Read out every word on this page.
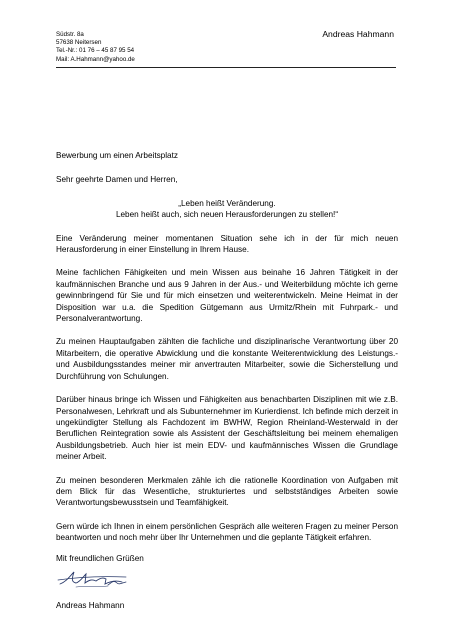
Südstr. 8a
57638 Neitersen
Tel.-Nr.: 01 76 – 45 87 95 54
Mail: A.Hahmann@yahoo.de
Andreas Hahmann

Bewerbung um einen Arbeitsplatz

Sehr geehrte Damen und Herren,

„Leben heißt Veränderung.
Leben heißt auch, sich neuen Herausforderungen zu stellen!“

Eine Veränderung meiner momentanen Situation sehe ich in der für mich neuen Herausforderung in einer Einstellung in Ihrem Hause.

Meine fachlichen Fähigkeiten und mein Wissen aus beinahe 16 Jahren Tätigkeit in der kaufmännischen Branche und aus 9 Jahren in der Aus.- und Weiterbildung möchte ich gerne gewinnbringend für Sie und für mich einsetzen und weiterentwickeln. Meine Heimat in der Disposition war u.a. die Spedition Gütgemann aus Urmitz/Rhein mit Fuhrpark.- und Personalverantwortung.

Zu meinen Hauptaufgaben zählten die fachliche und disziplinarische Verantwortung über 20 Mitarbeitern, die operative Abwicklung und die konstante Weiterentwicklung des Leistungs.- und Ausbildungsstandes meiner mir anvertrauten Mitarbeiter, sowie die Sicherstellung und Durchführung von Schulungen.

Darüber hinaus bringe ich Wissen und Fähigkeiten aus benachbarten Disziplinen mit wie z.B. Personalwesen, Lehrkraft und als Subunternehmer im Kurierdienst. Ich befinde mich derzeit in ungekündigter Stellung als Fachdozent im BWHW, Region Rheinland-Westerwald in der Beruflichen Reintegration sowie als Assistent der Geschäftsleitung bei meinem ehemaligen Ausbildungsbetrieb. Auch hier ist mein EDV- und kaufmännisches Wissen die Grundlage meiner Arbeit.

Zu meinen besonderen Merkmalen zähle ich die rationelle Koordination von Aufgaben mit dem Blick für das Wesentliche, strukturiertes und selbstständiges Arbeiten sowie Verantwortungsbewusstsein und Teamfähigkeit.

Gern würde ich Ihnen in einem persönlichen Gespräch alle weiteren Fragen zu meiner Person beantworten und noch mehr über Ihr Unternehmen und die geplante Tätigkeit erfahren.

Mit freundlichen Grüßen

Andreas Hahmann
